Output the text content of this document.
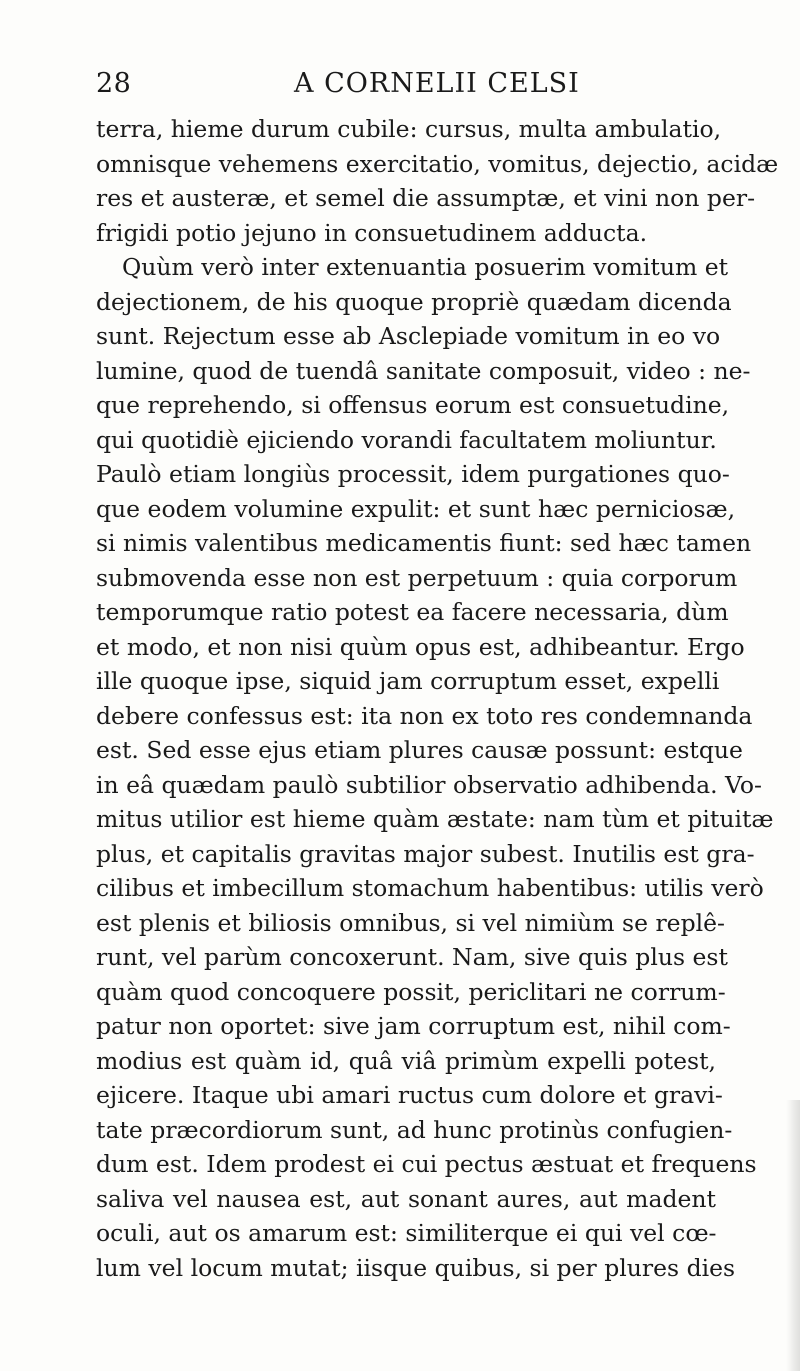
28	A CORNELII CELSI
terra, hieme durum cubile: cursus, multa ambulatio,
omnisque vehemens exercitatio, vomitus, dejectio, acidæ
res et austeræ, et semel die assumptæ, et vini non per-
frigidi potio jejuno in consuetudinem adducta.
Quùm verò inter extenuantia posuerim vomitum et
dejectionem, de his quoque propriè quædam dicenda
sunt. Rejectum esse ab Asclepiade vomitum in eo vo
lumine, quod de tuendâ sanitate composuit, video : ne-
que reprehendo, si offensus eorum est consuetudine,
qui quotidiè ejiciendo vorandi facultatem moliuntur.
Paulò etiam longiùs processit, idem purgationes quo-
que eodem volumine expulit: et sunt hæc perniciosæ,
si nimis valentibus medicamentis fiunt: sed hæc tamen
submovenda esse non est perpetuum : quia corporum
temporumque ratio potest ea facere necessaria, dùm
et modo, et non nisi quùm opus est, adhibeantur. Ergo
ille quoque ipse, siquid jam corruptum esset, expelli
debere confessus est: ita non ex toto res condemnanda
est. Sed esse ejus etiam plures causæ possunt: estque
in eâ quædam paulò subtilior observatio adhibenda. Vo-
mitus utilior est hieme quàm æstate: nam tùm et pituitæ
plus, et capitalis gravitas major subest. Inutilis est gra-
cilibus et imbecillum stomachum habentibus: utilis verò
est plenis et biliosis omnibus, si vel nimiùm se replê-
runt, vel parùm concoxerunt. Nam, sive quis plus est
quàm quod concoquere possit, periclitari ne corrum-
patur non oportet: sive jam corruptum est, nihil com-
modius est quàm id, quâ viâ primùm expelli potest,
ejicere. Itaque ubi amari ructus cum dolore et gravi-
tate præcordiorum sunt, ad hunc protinùs confugien-
dum est. Idem prodest ei cui pectus æstuat et frequens
saliva vel nausea est, aut sonant aures, aut madent
oculi, aut os amarum est: similiterque ei qui vel cœ-
lum vel locum mutat; iisque quibus, si per plures dies
